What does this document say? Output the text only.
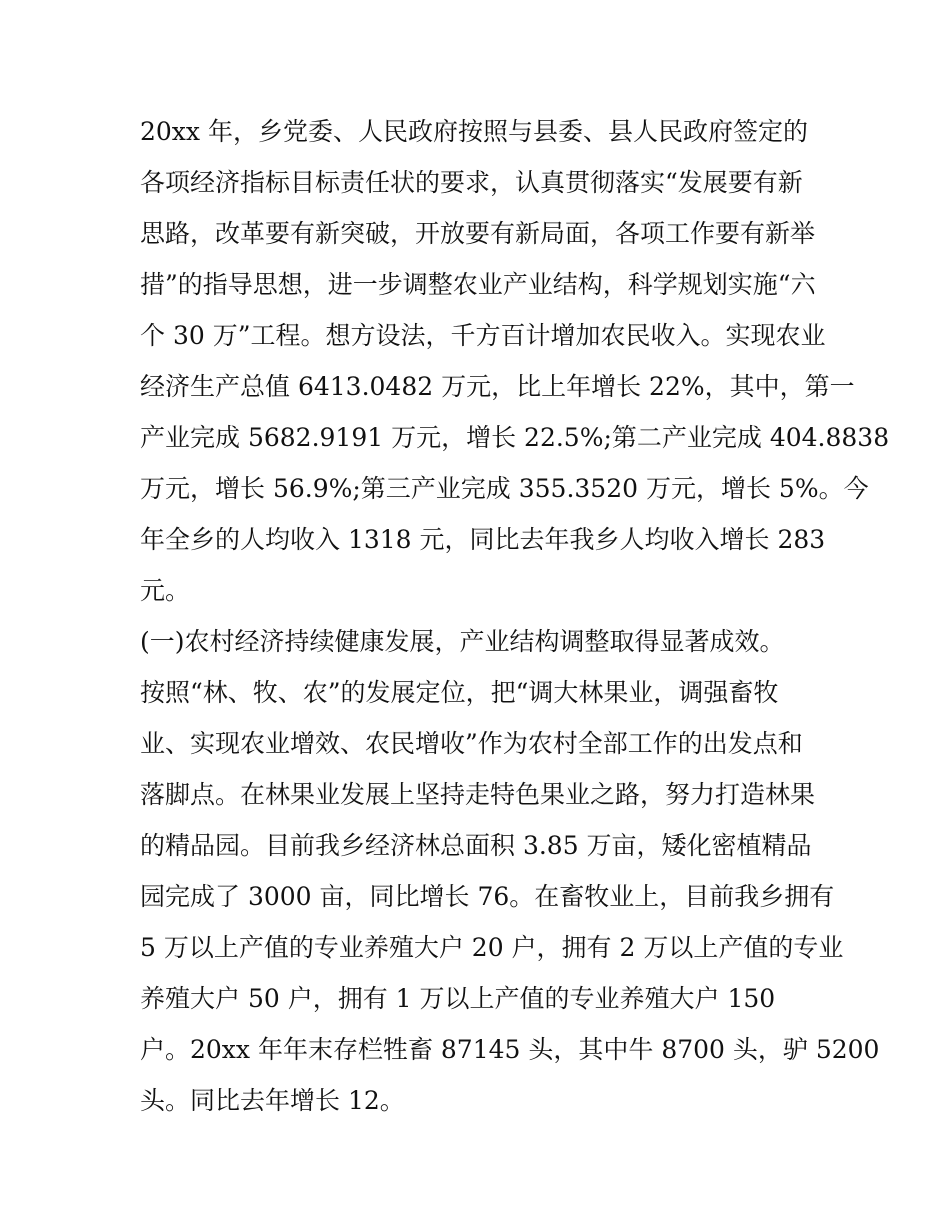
20xx 年，乡党委、人民政府按照与县委、县人民政府签定的
各项经济指标目标责任状的要求，认真贯彻落实“发展要有新
思路，改革要有新突破，开放要有新局面，各项工作要有新举
措”的指导思想，进一步调整农业产业结构，科学规划实施“六
个 30 万”工程。想方设法，千方百计增加农民收入。实现农业
经济生产总值 6413.0482 万元，比上年增长 22%，其中，第一
产业完成 5682.9191 万元，增长 22.5%;第二产业完成 404.8838
万元，增长 56.9%;第三产业完成 355.3520 万元，增长 5%。今
年全乡的人均收入 1318 元，同比去年我乡人均收入增长 283
元。
(一)农村经济持续健康发展，产业结构调整取得显著成效。
按照“林、牧、农”的发展定位，把“调大林果业，调强畜牧
业、实现农业增效、农民增收”作为农村全部工作的出发点和
落脚点。在林果业发展上坚持走特色果业之路，努力打造林果
的精品园。目前我乡经济林总面积 3.85 万亩，矮化密植精品
园完成了 3000 亩，同比增长 76。在畜牧业上，目前我乡拥有
5 万以上产值的专业养殖大户 20 户，拥有 2 万以上产值的专业
养殖大户 50 户，拥有 1 万以上产值的专业养殖大户 150
户。20xx 年年末存栏牲畜 87145 头，其中牛 8700 头，驴 5200
头。同比去年增长 12。
